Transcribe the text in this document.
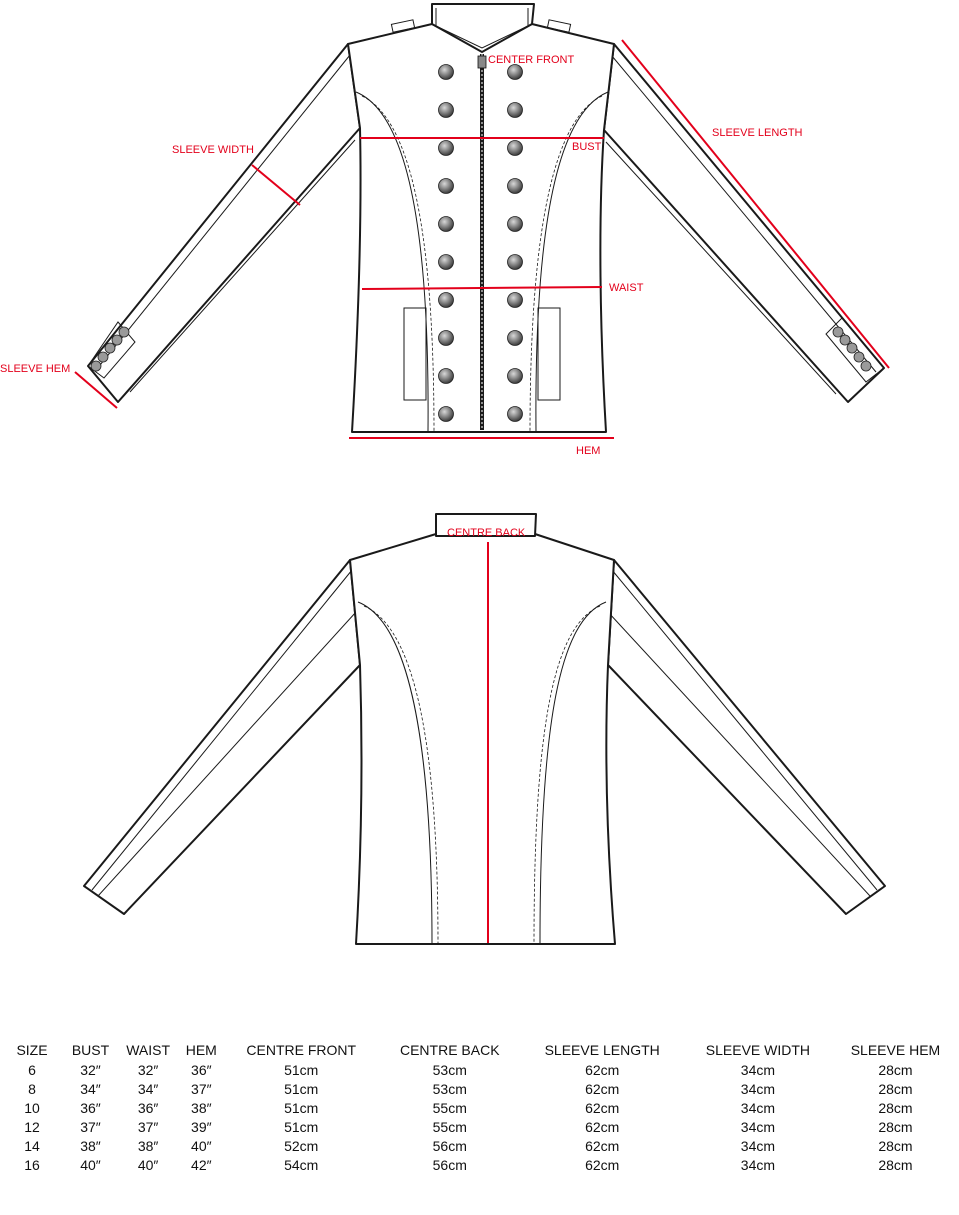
CENTER FRONT
SLEEVE WIDTH
SLEEVE LENGTH
BUST
WAIST
SLEEVE HEM
HEM
CENTRE BACK
SIZE	BUST	WAIST	HEM	CENTRE FRONT	CENTRE BACK	SLEEVE LENGTH	SLEEVE WIDTH	SLEEVE HEM
6	32″	32″	36″	51cm	53cm	62cm	34cm	28cm
8	34″	34″	37″	51cm	53cm	62cm	34cm	28cm
10	36″	36″	38″	51cm	55cm	62cm	34cm	28cm
12	37″	37″	39″	51cm	55cm	62cm	34cm	28cm
14	38″	38″	40″	52cm	56cm	62cm	34cm	28cm
16	40″	40″	42″	54cm	56cm	62cm	34cm	28cm
